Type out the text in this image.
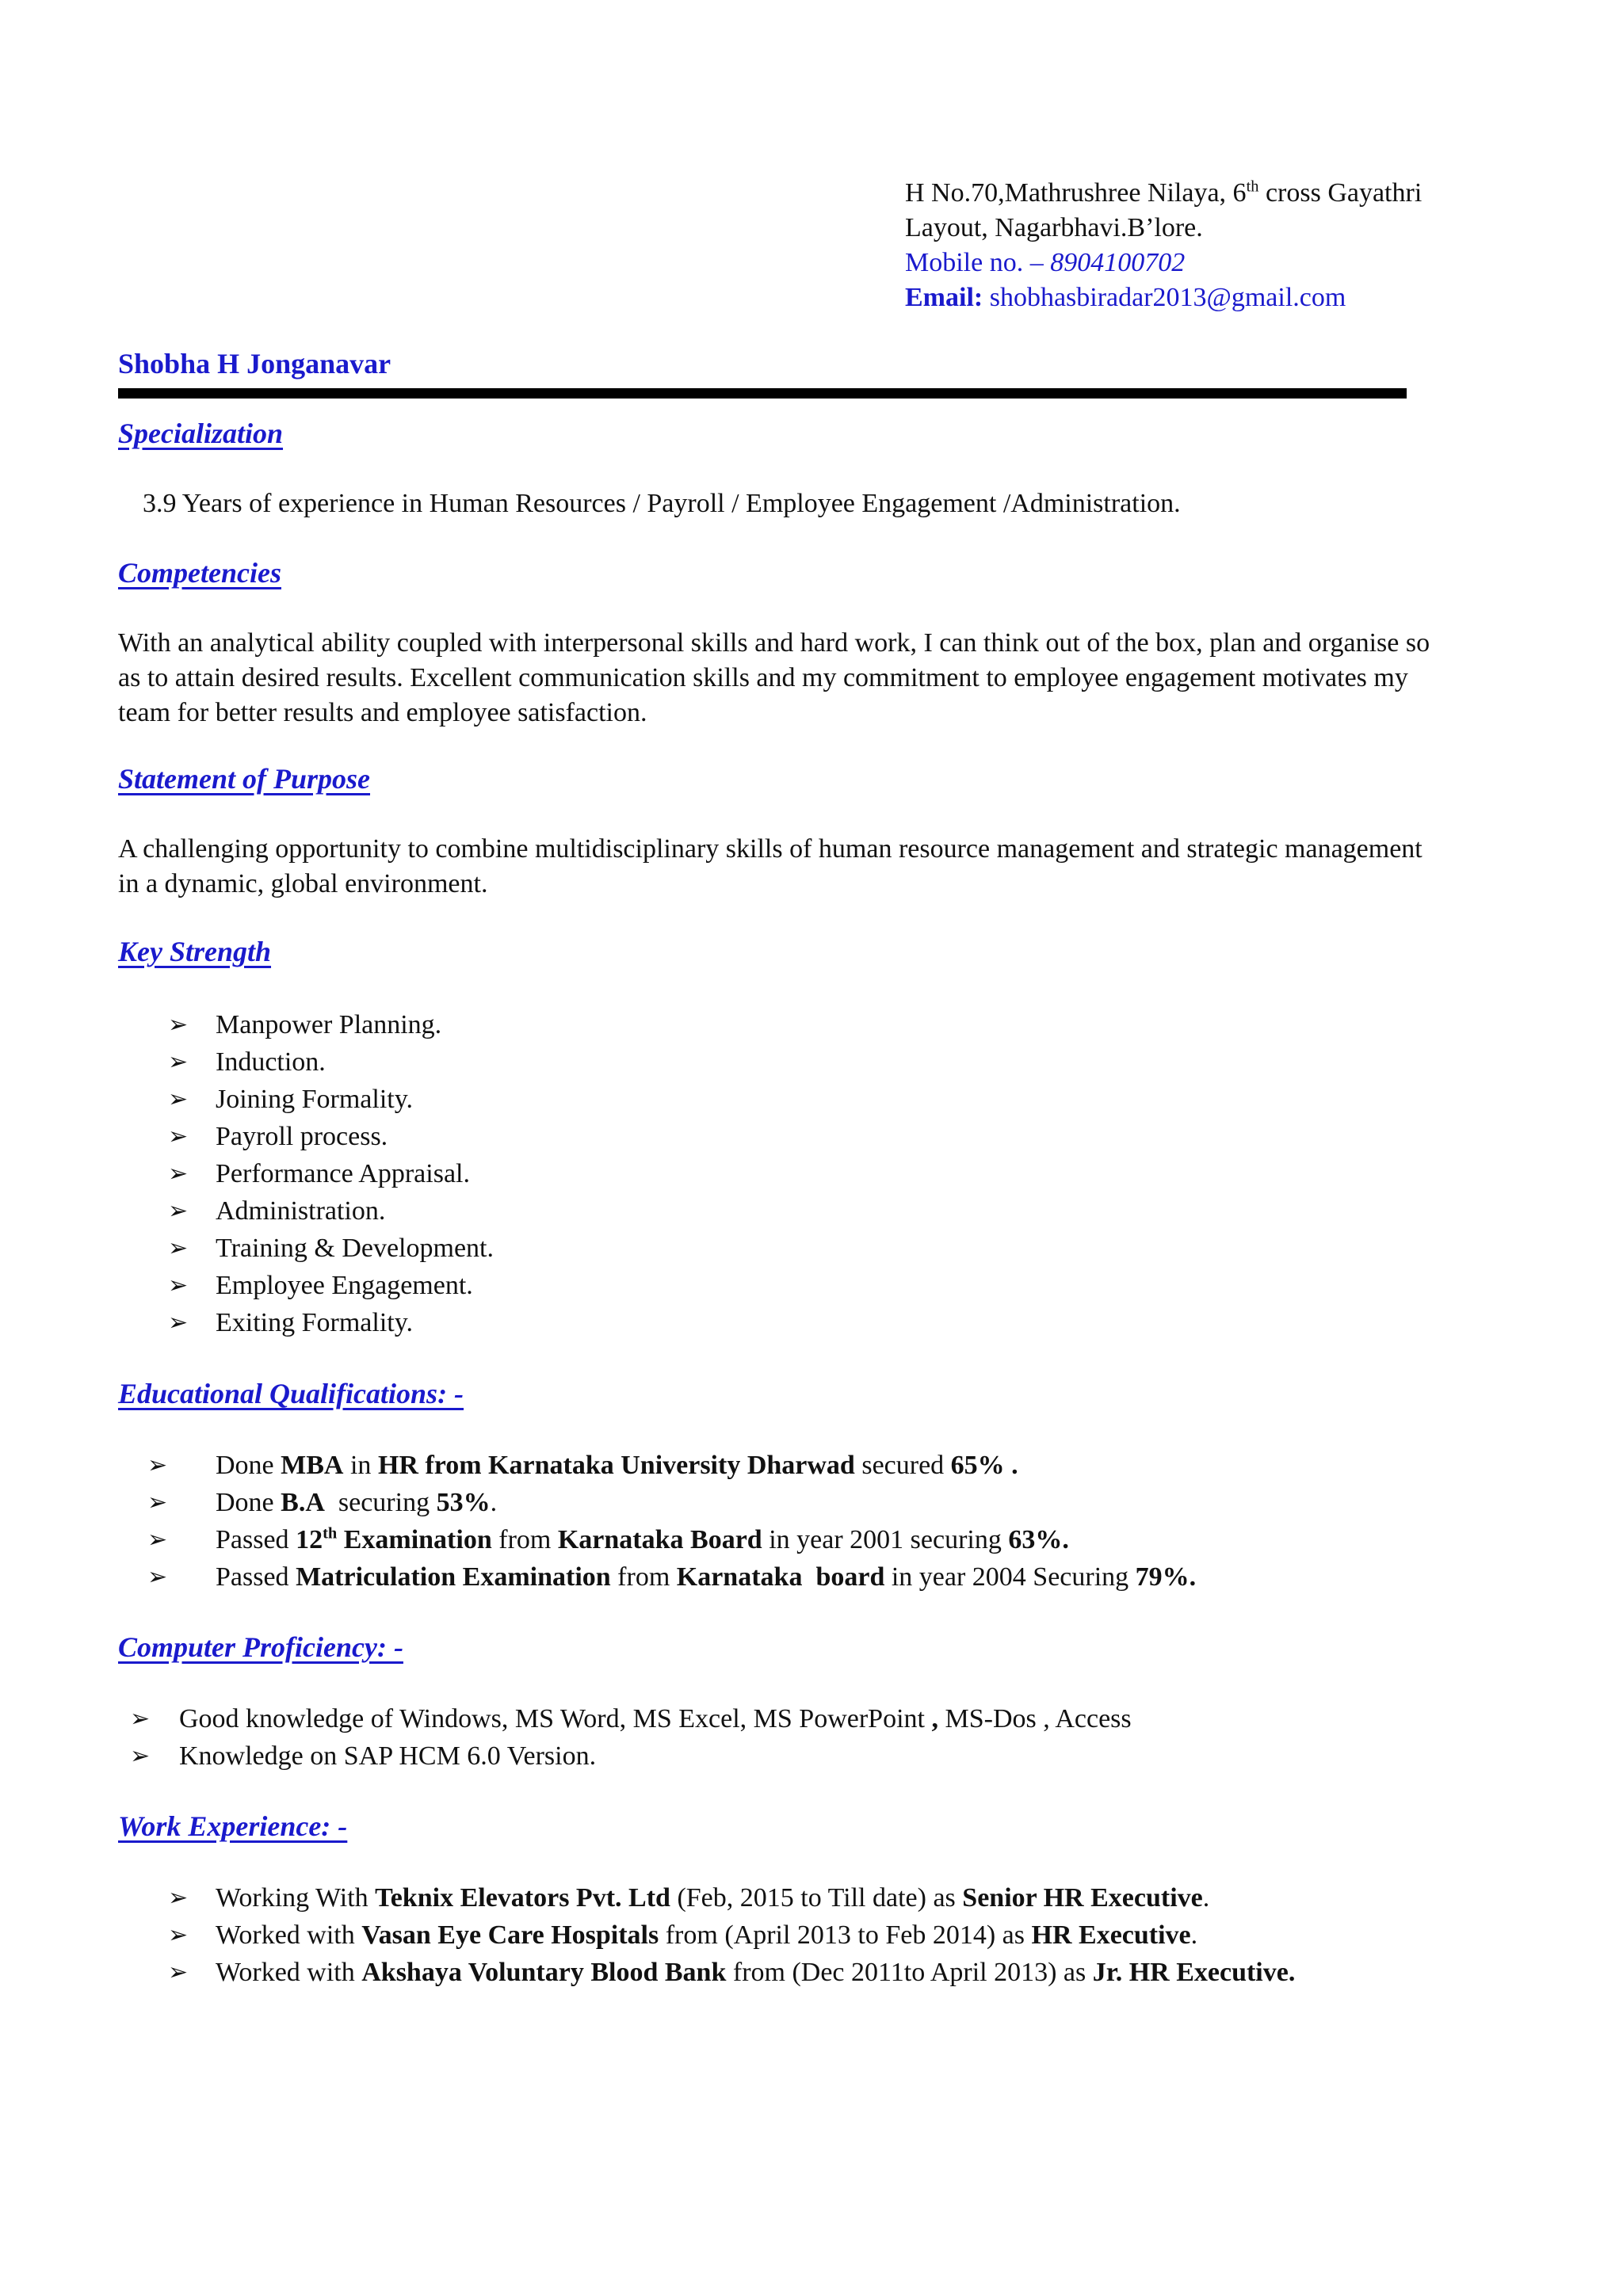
H No.70,Mathrushree Nilaya, 6th cross Gayathri
Layout, Nagarbhavi.B’lore.
Mobile no. – 8904100702
Email: shobhasbiradar2013@gmail.com
Shobha H Jonganavar
Specialization
3.9 Years of experience in Human Resources / Payroll / Employee Engagement /Administration.
Competencies
With an analytical ability coupled with interpersonal skills and hard work, I can think out of the box, plan and organise so as to attain desired results. Excellent communication skills and my commitment to employee engagement motivates my team for better results and employee satisfaction.
Statement of Purpose
A challenging opportunity to combine multidisciplinary skills of human resource management and strategic management in a dynamic, global environment.
Key Strength
➢ Manpower Planning.
➢ Induction.
➢ Joining Formality.
➢ Payroll process.
➢ Performance Appraisal.
➢ Administration.
➢ Training & Development.
➢ Employee Engagement.
➢ Exiting Formality.
Educational Qualifications: -
➢ Done MBA in HR from Karnataka University Dharwad secured 65% .
➢ Done B.A  securing 53%.
➢ Passed 12th Examination from Karnataka Board in year 2001 securing 63%.
➢ Passed Matriculation Examination from Karnataka  board in year 2004 Securing 79%.
Computer Proficiency: -
➢ Good knowledge of Windows, MS Word, MS Excel, MS PowerPoint , MS-Dos , Access
➢ Knowledge on SAP HCM 6.0 Version.
Work Experience: -
➢ Working With Teknix Elevators Pvt. Ltd (Feb, 2015 to Till date) as Senior HR Executive.
➢ Worked with Vasan Eye Care Hospitals from (April 2013 to Feb 2014) as HR Executive.
➢ Worked with Akshaya Voluntary Blood Bank from (Dec 2011to April 2013) as Jr. HR Executive.
